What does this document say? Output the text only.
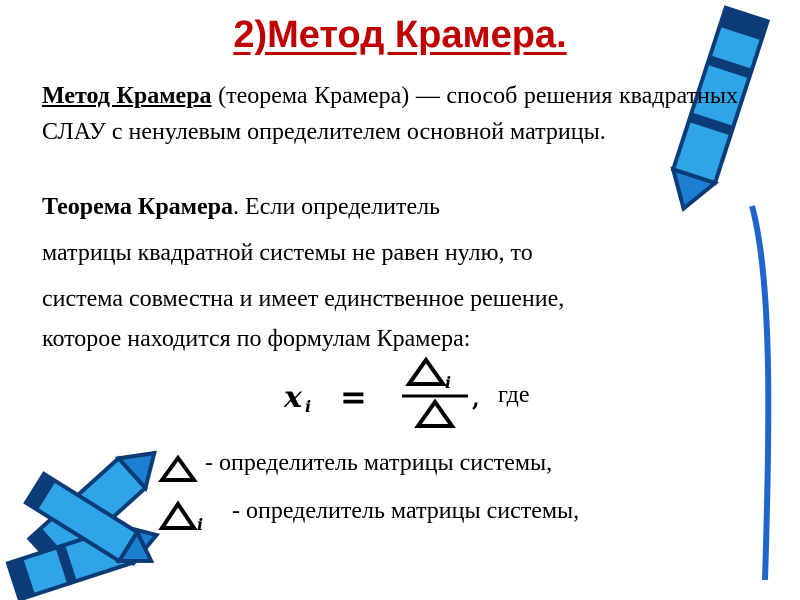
2)Метод Крамера.
Метод Крамера (теорема Крамера) — способ решения квадратных СЛАУ с ненулевым определителем основной матрицы.
Теорема Крамера. Если определитель
матрицы квадратной системы не равен нулю, то
система совместна и имеет единственное решение,
которое находится по формулам Крамера:
x i =	i
, где
- определитель матрицы системы,
i
- определитель матрицы системы,
